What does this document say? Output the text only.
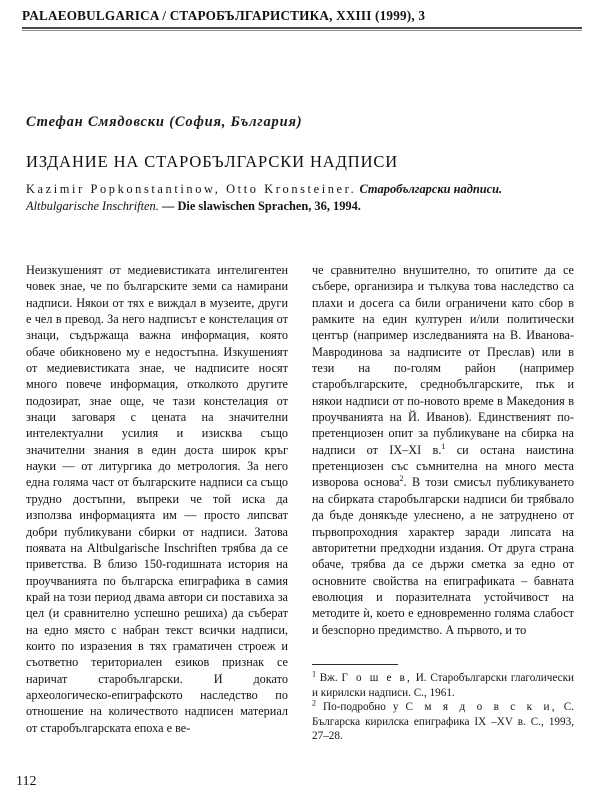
PALAEOBULGARICA / СТАРОБЪЛГАРИСТИКА, XXIII (1999), 3
Стефан Смядовски (София, България)
ИЗДАНИЕ НА СТАРОБЪЛГАРСКИ НАДПИСИ
Kazimir Popkonstantinow, Otto Kronsteiner. Старобългарски надписи. Altbulgarische Inschriften. — Die slawischen Sprachen, 36, 1994.

Неизкушеният от медиевистиката интелигентен човек знае, че по българските земи са намирани надписи. Някои от тях е виждал в музеите, други е чел в превод. За него надписът е констелация от знаци, съдържаща важна информация, която обаче обикновено му е недостъпна. Изкушеният от медиевистиката знае, че надписите носят много повече информация, отколкото другите подозират, знае още, че тази констелация от знаци заговаря с цената на значителни интелектуални усилия и изисква също значителни знания в един доста широк кръг науки — от литургика до метрология. За него една голяма част от българските надписи са също трудно достъпни, въпреки че той иска да използва информацията им — просто липсват добри публикувани сбирки от надписи. Затова появата на Altbulgarische Inschriften трябва да се приветства. В близо 150-годишната история на проучванията по българска епиграфика в самия край на този период двама автори си поставиха за цел (и сравнително успешно решиха) да съберат на едно място с набран текст всички надписи, които по изразения в тях граматичен строеж и съответно териториален езиков признак се наричат старобългарски. И докато археологическо-епиграфското наследство по отношение на количеството надписен материал от старобългарската епоха е ве-

че сравнително внушително, то опитите да се събере, организира и тълкува това наследство са плахи и досега са били ограничени като сбор в рамките на един културен и/или политически център (например изследванията на В. Иванова-Мавродинова за надписите от Преслав) или в тези на по-голям район (например старобългарските, среднобългарските, пък и някои надписи от по-новото време в Македония в проучванията на Й. Иванов). Единственият по-претенциозен опит за публикуване на сбирка на надписи от IX–XI в.$^1$ си остана наистина претенциозен със съмнителна на много места изворова основа$^2$. В този смисъл публикуването на сбирката старобългарски надписи би трябвало да бъде донякъде улеснено, а не затруднено от първопроходния характер заради липсата на авторитетни предходни издания. От друга страна обаче, трябва да се държи сметка за едно от основните свойства на епиграфиката – бавната еволюция и поразителната устойчивост на методите ѝ, което е едновременно голяма слабост и безспорно предимство. А първото, и то

$^1$ Вж. Г о ш е в, И. Старобългарски глаголически и кирилски надписи. С., 1961.

$^2$ По-подробно у С м я д о в с к и, С. Българска кирилска епиграфика IX –XV в. С., 1993, 27–28.

112
